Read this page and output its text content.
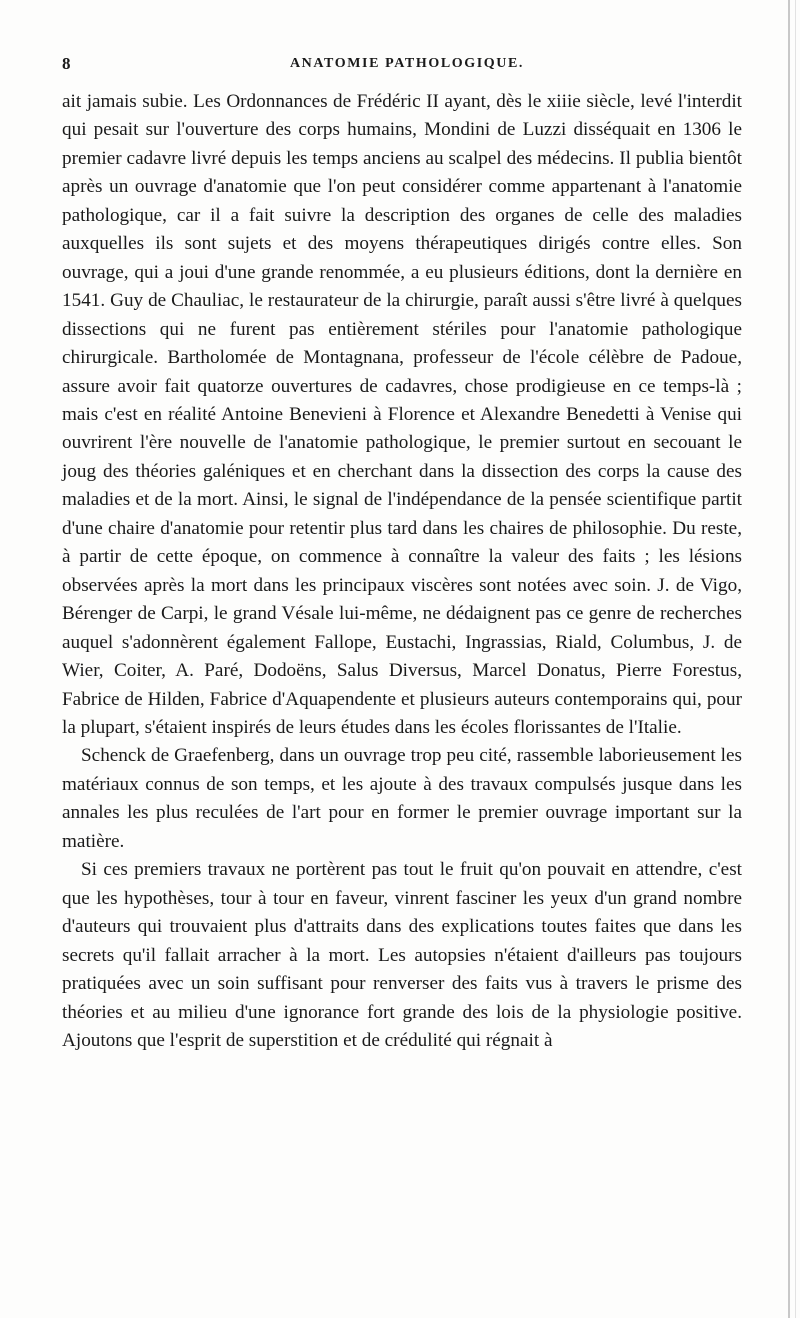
8	ANATOMIE PATHOLOGIQUE.

ait jamais subie. Les Ordonnances de Frédéric II ayant, dès le xiiie siècle, levé l'interdit qui pesait sur l'ouverture des corps humains, Mondini de Luzzi disséquait en 1306 le premier cadavre livré depuis les temps anciens au scalpel des médecins. Il publia bientôt après un ouvrage d'anatomie que l'on peut considérer comme appartenant à l'anatomie pathologique, car il a fait suivre la description des organes de celle des maladies auxquelles ils sont sujets et des moyens thérapeutiques dirigés contre elles. Son ouvrage, qui a joui d'une grande renommée, a eu plusieurs éditions, dont la dernière en 1541. Guy de Chauliac, le restaurateur de la chirurgie, paraît aussi s'être livré à quelques dissections qui ne furent pas entièrement stériles pour l'anatomie pathologique chirurgicale. Bartholomée de Montagnana, professeur de l'école célèbre de Padoue, assure avoir fait quatorze ouvertures de cadavres, chose prodigieuse en ce temps-là ; mais c'est en réalité Antoine Benevieni à Florence et Alexandre Benedetti à Venise qui ouvrirent l'ère nouvelle de l'anatomie pathologique, le premier surtout en secouant le joug des théories galéniques et en cherchant dans la dissection des corps la cause des maladies et de la mort. Ainsi, le signal de l'indépendance de la pensée scientifique partit d'une chaire d'anatomie pour retentir plus tard dans les chaires de philosophie. Du reste, à partir de cette époque, on commence à connaître la valeur des faits ; les lésions observées après la mort dans les principaux viscères sont notées avec soin. J. de Vigo, Bérenger de Carpi, le grand Vésale lui-même, ne dédaignent pas ce genre de recherches auquel s'adonnèrent également Fallope, Eustachi, Ingrassias, Riald, Columbus, J. de Wier, Coiter, A. Paré, Dodoëns, Salus Diversus, Marcel Donatus, Pierre Forestus, Fabrice de Hilden, Fabrice d'Aquapendente et plusieurs auteurs contemporains qui, pour la plupart, s'étaient inspirés de leurs études dans les écoles florissantes de l'Italie.

Schenck de Graefenberg, dans un ouvrage trop peu cité, rassemble laborieusement les matériaux connus de son temps, et les ajoute à des travaux compulsés jusque dans les annales les plus reculées de l'art pour en former le premier ouvrage important sur la matière.

Si ces premiers travaux ne portèrent pas tout le fruit qu'on pouvait en attendre, c'est que les hypothèses, tour à tour en faveur, vinrent fasciner les yeux d'un grand nombre d'auteurs qui trouvaient plus d'attraits dans des explications toutes faites que dans les secrets qu'il fallait arracher à la mort. Les autopsies n'étaient d'ailleurs pas toujours pratiquées avec un soin suffisant pour renverser des faits vus à travers le prisme des théories et au milieu d'une ignorance fort grande des lois de la physiologie positive. Ajoutons que l'esprit de superstition et de crédulité qui régnait à
